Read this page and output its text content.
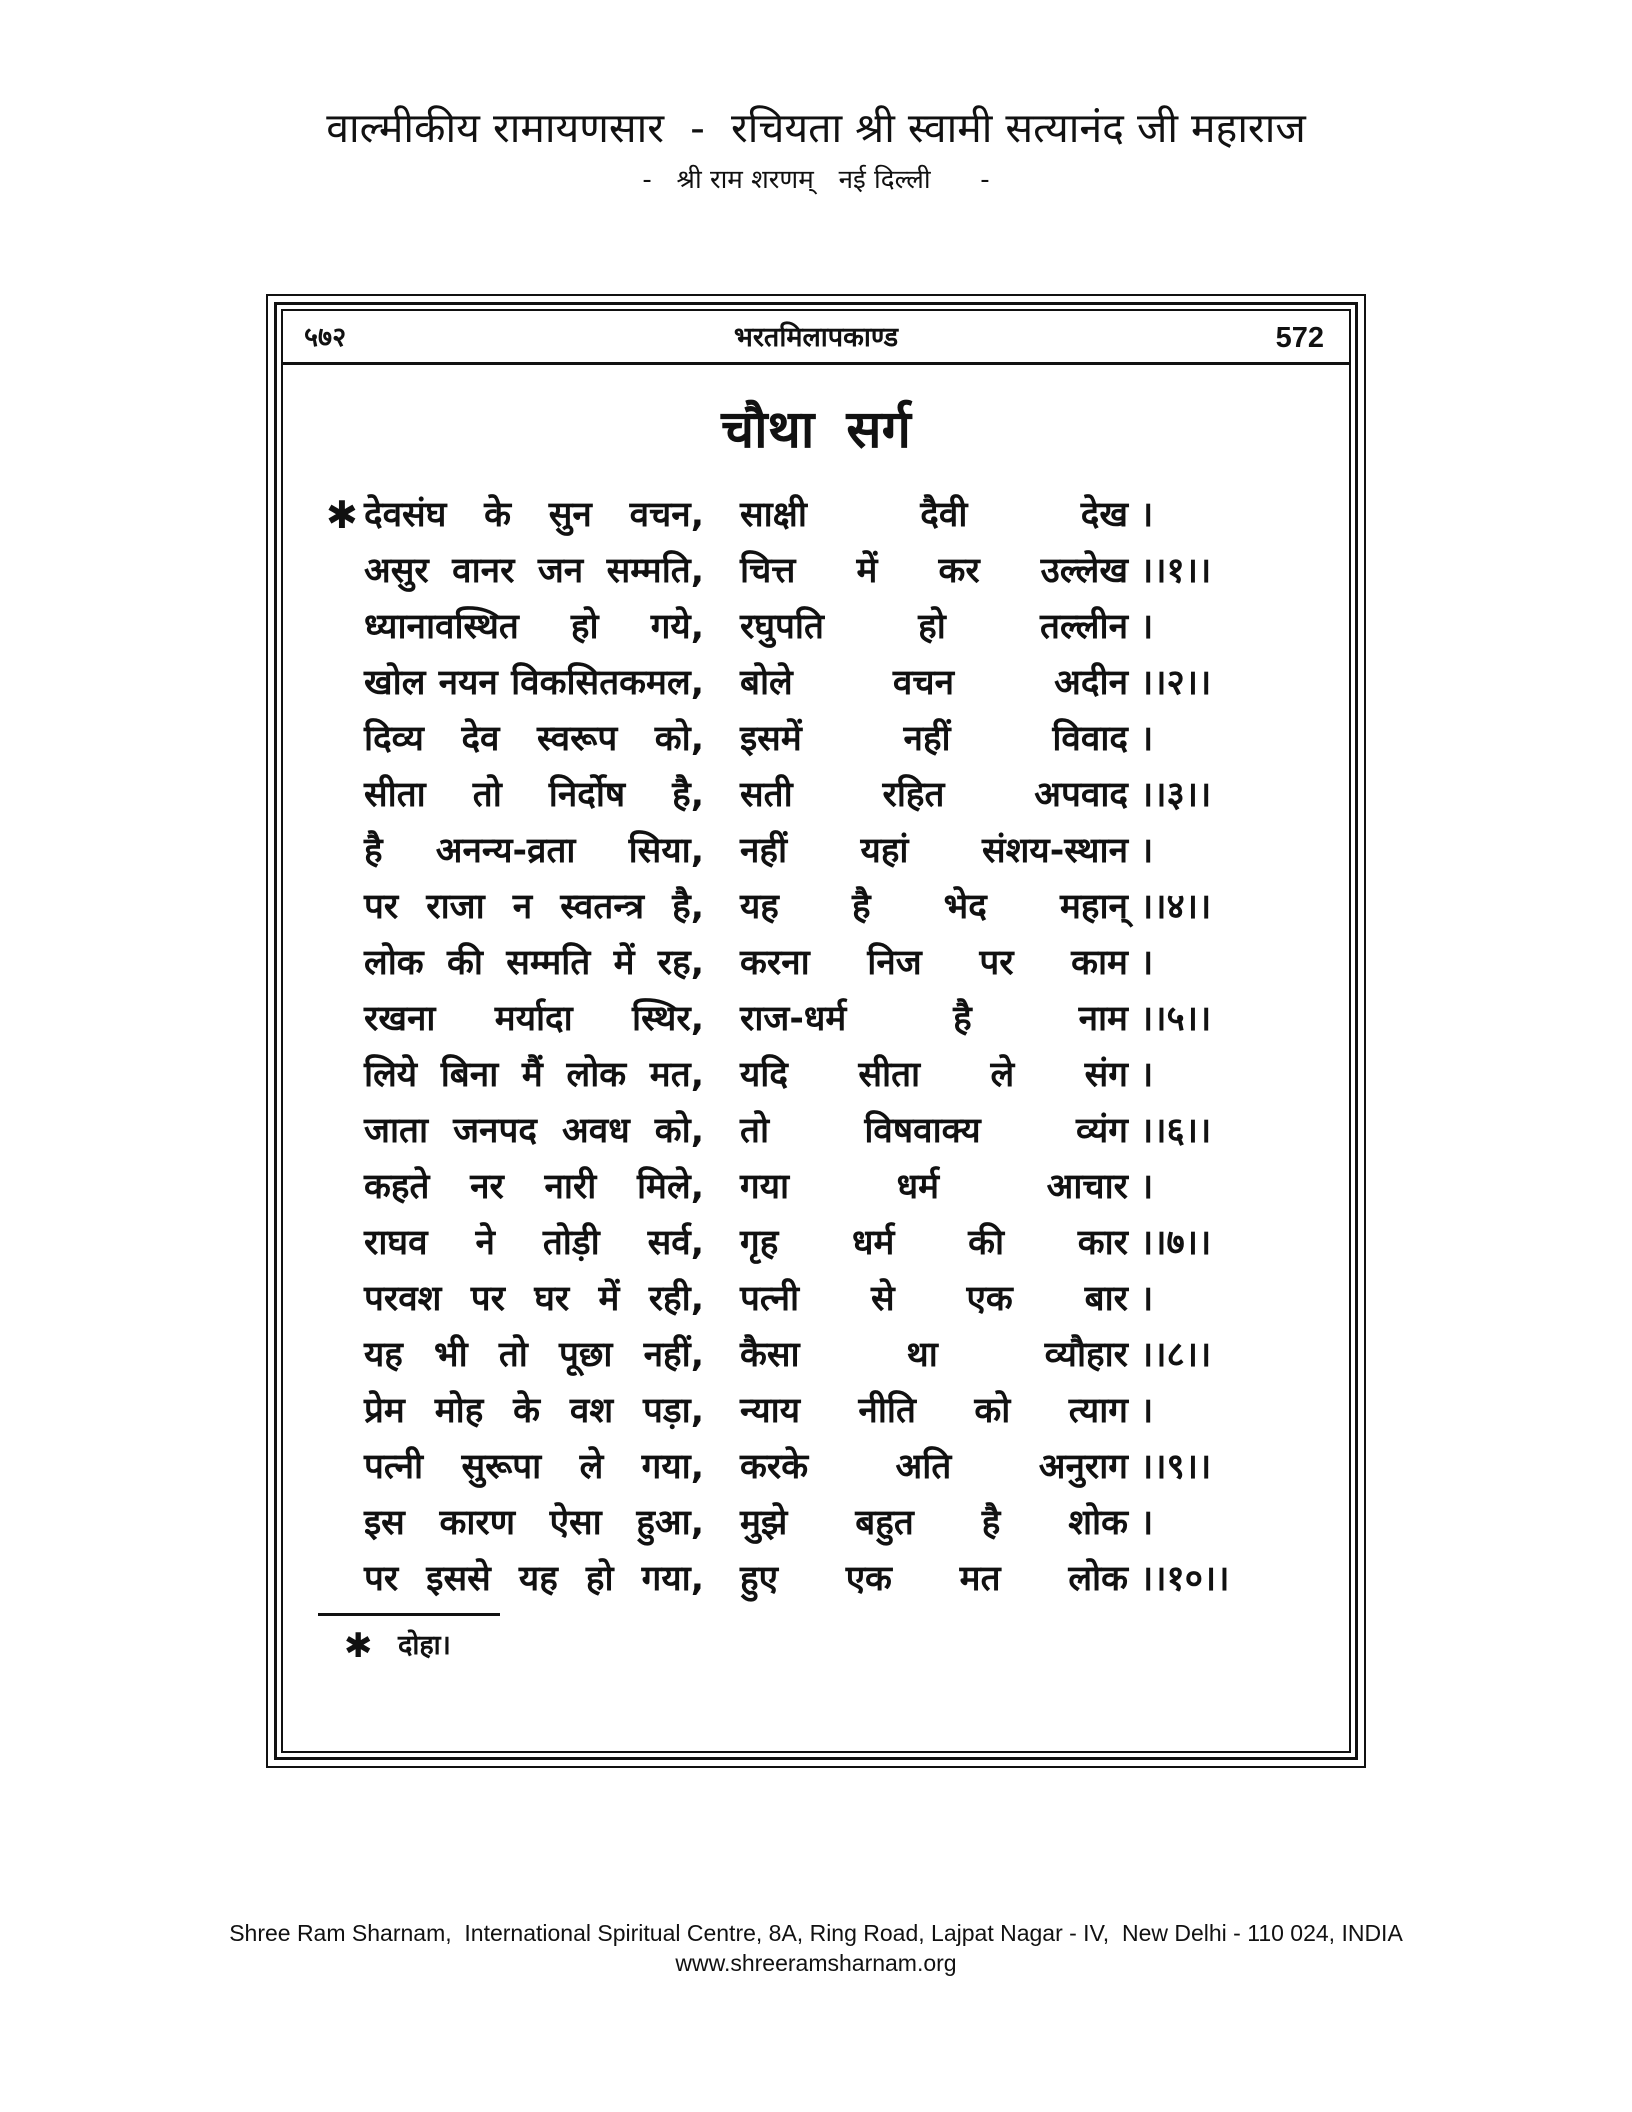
वाल्मीकीय रामायणसार  -  रचियता श्री स्वामी सत्यानंद जी महाराज
-   श्री राम शरणम्   नई दिल्ली      -
५७२	भरतमिलापकाण्ड	572
चौथा सर्ग
✱ देवसंघ के सुन वचन, साक्षी दैवी देख ।
असुर वानर जन सम्मति, चित्त में कर उल्लेख ।।१।।
ध्यानावस्थित हो गये, रघुपति हो तल्लीन ।
खोल नयन विकसितकमल, बोले वचन अदीन ।।२।।
दिव्य देव स्वरूप को, इसमें नहीं विवाद ।
सीता तो निर्दोष है, सती रहित अपवाद ।।३।।
है अनन्य-व्रता सिया, नहीं यहां संशय-स्थान ।
पर राजा न स्वतन्त्र है, यह है भेद महान् ।।४।।
लोक की सम्मति में रह, करना निज पर काम ।
रखना मर्यादा स्थिर, राज-धर्म है नाम ।।५।।
लिये बिना मैं लोक मत, यदि सीता ले संग ।
जाता जनपद अवध को, तो विषवाक्य व्यंग ।।६।।
कहते नर नारी मिले, गया धर्म आचार ।
राघव ने तोड़ी सर्व, गृह धर्म की कार ।।७।।
परवश पर घर में रही, पत्नी से एक बार ।
यह भी तो पूछा नहीं, कैसा था व्यौहार ।।८।।
प्रेम मोह के वश पड़ा, न्याय नीति को त्याग ।
पत्नी सुरूपा ले गया, करके अति अनुराग ।।९।।
इस कारण ऐसा हुआ, मुझे बहुत है शोक ।
पर इससे यह हो गया, हुए एक मत लोक ।।१०।।
✱ दोहा।
Shree Ram Sharnam,  International Spiritual Centre, 8A, Ring Road, Lajpat Nagar - IV,  New Delhi - 110 024, INDIA
www.shreeramsharnam.org
